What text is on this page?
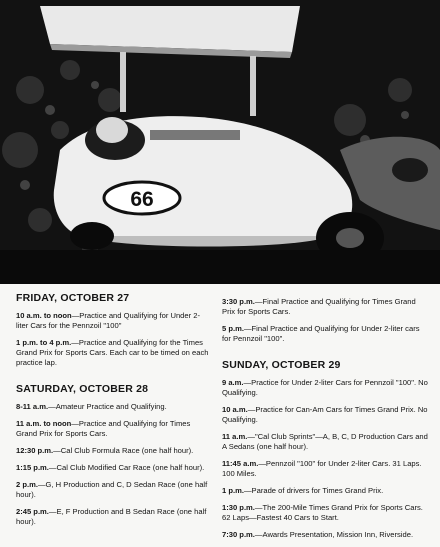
66
FRIDAY, OCTOBER 27
10 a.m. to noon—Practice and Qualifying for Under 2-liter Cars for the Pennzoil "100"
1 p.m. to 4 p.m.—Practice and Qualifying for the Times Grand Prix for Sports Cars. Each car to be timed on each practice lap.
SATURDAY, OCTOBER 28
8-11 a.m.—Amateur Practice and Qualifying.
11 a.m. to noon—Practice and Qualifying for Times Grand Prix for Sports Cars.
12:30 p.m.—Cal Club Formula Race (one half hour).
1:15 p.m.—Cal Club Modified Car Race (one half hour).
2 p.m.—G, H Production and C, D Sedan Race (one half hour).
2:45 p.m.—E, F Production and B Sedan Race (one half hour).
3:30 p.m.—Final Practice and Qualifying for Times Grand Prix for Sports Cars.
5 p.m.—Final Practice and Qualifying for Under 2-liter cars for Pennzoil "100".
SUNDAY, OCTOBER 29
9 a.m.—Practice for Under 2-liter Cars for Pennzoil "100". No Qualifying.
10 a.m.—Practice for Can-Am Cars for Times Grand Prix. No Qualifying.
11 a.m.—"Cal Club Sprints"—A, B, C, D Production Cars and A Sedans (one half hour).
11:45 a.m.—Pennzoil "100" for Under 2-liter Cars. 31 Laps. 100 Miles.
1 p.m.—Parade of drivers for Times Grand Prix.
1:30 p.m.—The 200-Mile Times Grand Prix for Sports Cars. 62 Laps—Fastest 40 Cars to Start.
7:30 p.m.—Awards Presentation, Mission Inn, Riverside.
